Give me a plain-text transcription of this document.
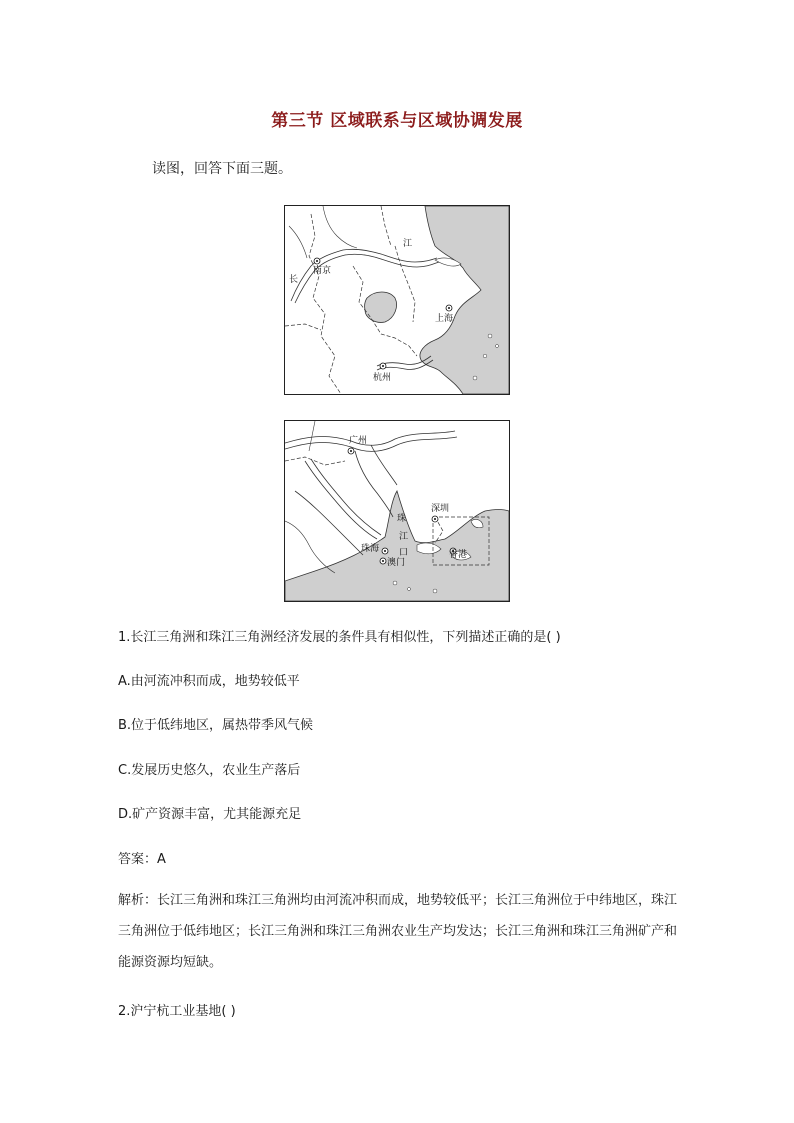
第三节 区域联系与区域协调发展
读图，回答下面三题。
江
长
南京
上海
杭州
广州
深圳
珠
江
口
珠海
澳门
香港
1.长江三角洲和珠江三角洲经济发展的条件具有相似性，下列描述正确的是( )
A.由河流冲积而成，地势较低平
B.位于低纬地区，属热带季风气候
C.发展历史悠久，农业生产落后
D.矿产资源丰富，尤其能源充足
答案：A
解析：长江三角洲和珠江三角洲均由河流冲积而成，地势较低平；长江三角洲位于中纬地区，珠江三角洲位于低纬地区；长江三角洲和珠江三角洲农业生产均发达；长江三角洲和珠江三角洲矿产和能源资源均短缺。
2.沪宁杭工业基地( )
